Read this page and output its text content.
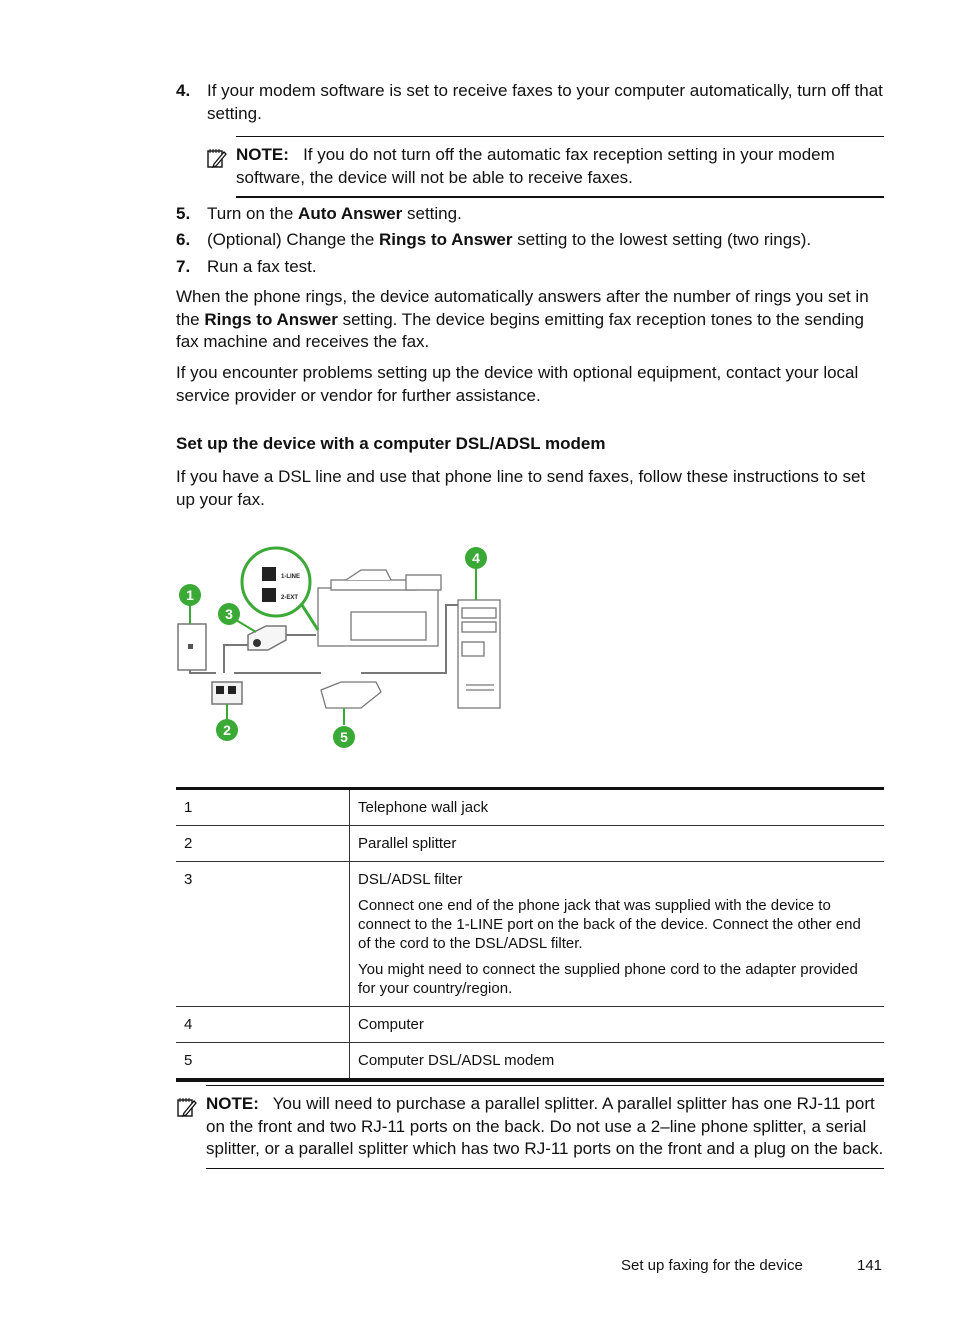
4. If your modem software is set to receive faxes to your computer automatically, turn off that setting.
NOTE: If you do not turn off the automatic fax reception setting in your modem software, the device will not be able to receive faxes.
5. Turn on the Auto Answer setting.
6. (Optional) Change the Rings to Answer setting to the lowest setting (two rings).
7. Run a fax test.
When the phone rings, the device automatically answers after the number of rings you set in the Rings to Answer setting. The device begins emitting fax reception tones to the sending fax machine and receives the fax.
If you encounter problems setting up the device with optional equipment, contact your local service provider or vendor for further assistance.
Set up the device with a computer DSL/ADSL modem
If you have a DSL line and use that phone line to send faxes, follow these instructions to set up your fax.
1-LINE
2-EXT
1
2
3
4
5
1	Telephone wall jack

2	Parallel splitter

3	DSL/ADSL filter

Connect one end of the phone jack that was supplied with the device to connect to the 1-LINE port on the back of the device. Connect the other end of the cord to the DSL/ADSL filter.

You might need to connect the supplied phone cord to the adapter provided for your country/region.

4	Computer

5	Computer DSL/ADSL modem

NOTE: You will need to purchase a parallel splitter. A parallel splitter has one RJ-11 port on the front and two RJ-11 ports on the back. Do not use a 2–line phone splitter, a serial splitter, or a parallel splitter which has two RJ-11 ports on the front and a plug on the back.
Set up faxing for the device	141
